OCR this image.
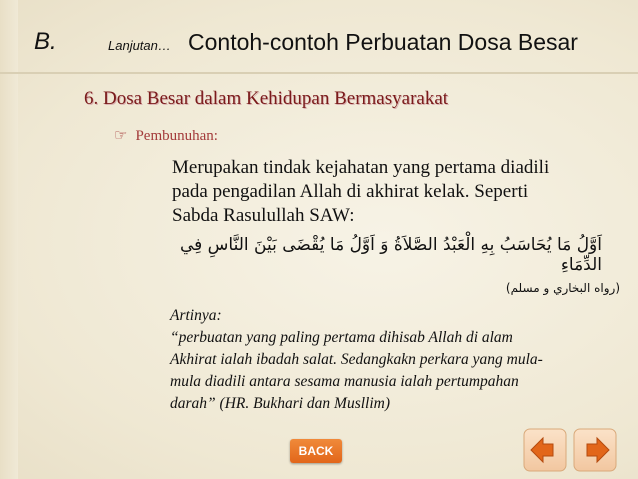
B.	Lanjutan… Contoh-contoh Perbuatan Dosa Besar
6. Dosa Besar dalam Kehidupan Bermasyarakat
☞ Pembunuhan:
Merupakan tindak kejahatan yang pertama diadili
pada pengadilan Allah di akhirat kelak. Seperti
Sabda Rasulullah SAW:
اَوَّلُ مَا يُحَاسَبُ بِهِ الْعَبْدُ الصَّلاَةُ وَ اَوَّلُ مَا يُقْضَى بَيْنَ النَّاسِ فِي الدِّمَاءِ
(رواه البخاري و مسلم)
Artinya:
“perbuatan yang paling pertama dihisab Allah di alam
Akhirat ialah ibadah salat. Sedangkakn perkara yang mula-
mula diadili antara sesama manusia ialah pertumpahan
darah” (HR. Bukhari dan Musllim)
BACK
